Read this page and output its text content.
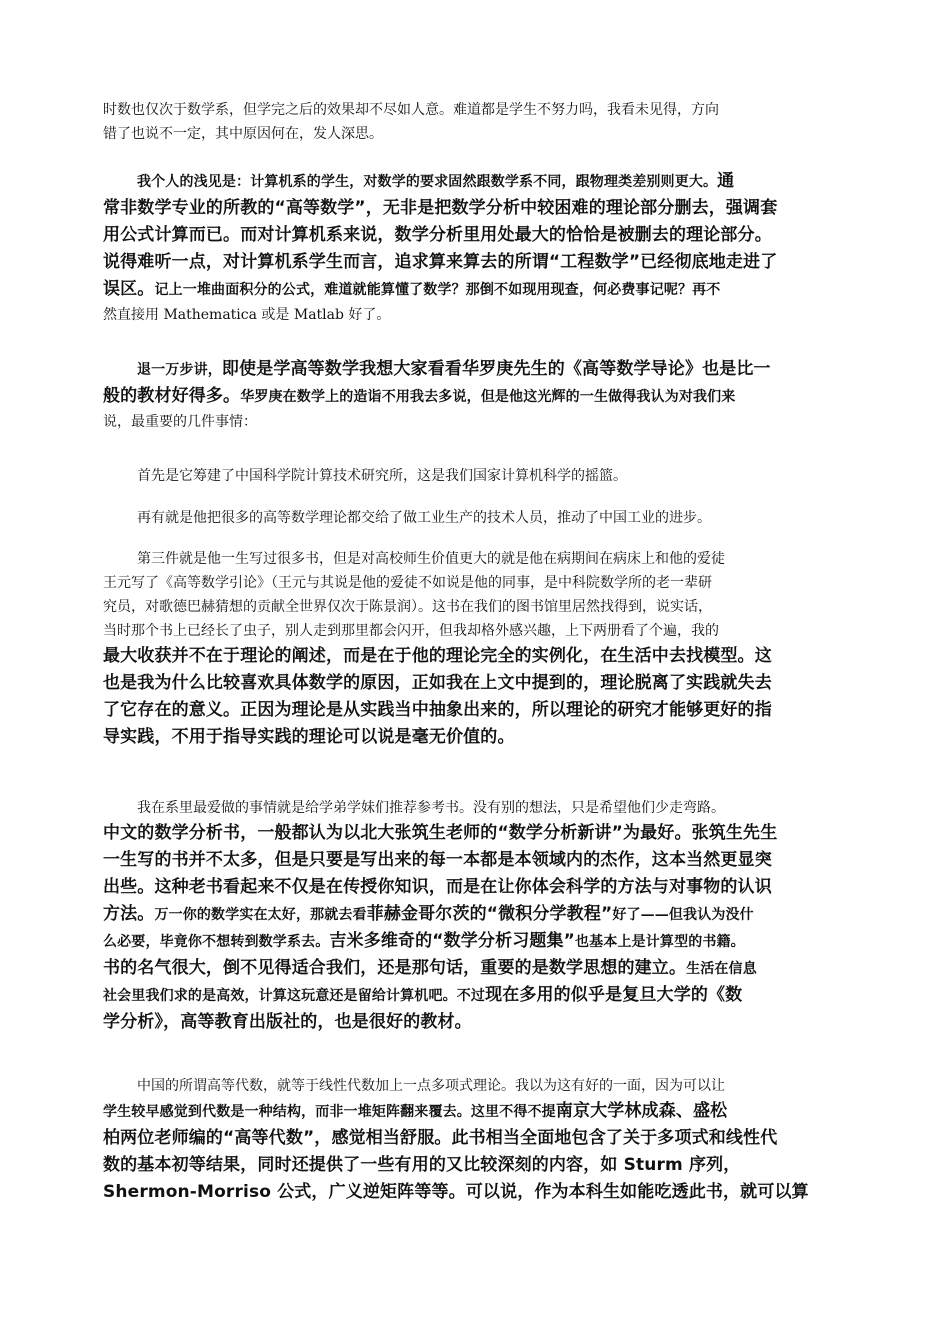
时数也仅次于数学系，但学完之后的效果却不尽如人意。难道都是学生不努力吗，我看未见得，方向
错了也说不一定，其中原因何在，发人深思。
我个人的浅见是：计算机系的学生，对数学的要求固然跟数学系不同，跟物理类差别则更大。通
常非数学专业的所教的“高等数学”，无非是把数学分析中较困难的理论部分删去，强调套
用公式计算而已。而对计算机系来说，数学分析里用处最大的恰恰是被删去的理论部分。
说得难听一点，对计算机系学生而言，追求算来算去的所谓“工程数学”已经彻底地走进了
误区。记上一堆曲面积分的公式，难道就能算懂了数学？那倒不如现用现查，何必费事记呢？再不
然直接用 Mathematica 或是 Matlab 好了。
退一万步讲，即使是学高等数学我想大家看看华罗庚先生的《高等数学导论》也是比一
般的教材好得多。华罗庚在数学上的造诣不用我去多说，但是他这光辉的一生做得我认为对我们来
说，最重要的几件事情：
首先是它筹建了中国科学院计算技术研究所，这是我们国家计算机科学的摇篮。
再有就是他把很多的高等数学理论都交给了做工业生产的技术人员，推动了中国工业的进步。
第三件就是他一生写过很多书，但是对高校师生价值更大的就是他在病期间在病床上和他的爱徒
王元写了《高等数学引论》（王元与其说是他的爱徒不如说是他的同事，是中科院数学所的老一辈研
究员，对歌德巴赫猜想的贡献全世界仅次于陈景润）。这书在我们的图书馆里居然找得到，说实话，
当时那个书上已经长了虫子，别人走到那里都会闪开，但我却格外感兴趣，上下两册看了个遍，我的
最大收获并不在于理论的阐述，而是在于他的理论完全的实例化，在生活中去找模型。这
也是我为什么比较喜欢具体数学的原因，正如我在上文中提到的，理论脱离了实践就失去
了它存在的意义。正因为理论是从实践当中抽象出来的，所以理论的研究才能够更好的指
导实践，不用于指导实践的理论可以说是毫无价值的。
我在系里最爱做的事情就是给学弟学妹们推荐参考书。没有别的想法，只是希望他们少走弯路。
中文的数学分析书，一般都认为以北大张筑生老师的“数学分析新讲”为最好。张筑生先生
一生写的书并不太多，但是只要是写出来的每一本都是本领域内的杰作，这本当然更显突
出些。这种老书看起来不仅是在传授你知识，而是在让你体会科学的方法与对事物的认识
方法。万一你的数学实在太好，那就去看菲赫金哥尔茨的“微积分学教程”好了——但我认为没什
么必要，毕竟你不想转到数学系去。吉米多维奇的“数学分析习题集”也基本上是计算型的书籍。
书的名气很大，倒不见得适合我们，还是那句话，重要的是数学思想的建立。生活在信息
社会里我们求的是高效，计算这玩意还是留给计算机吧。不过现在多用的似乎是复旦大学的《数
学分析》，高等教育出版社的，也是很好的教材。
中国的所谓高等代数，就等于线性代数加上一点多项式理论。我以为这有好的一面，因为可以让
学生较早感觉到代数是一种结构，而非一堆矩阵翻来覆去。这里不得不提南京大学林成森、盛松
柏两位老师编的“高等代数”，感觉相当舒服。此书相当全面地包含了关于多项式和线性代
数的基本初等结果，同时还提供了一些有用的又比较深刻的内容，如 Sturm 序列，
Shermon-Morriso 公式，广义逆矩阵等等。可以说，作为本科生如能吃透此书，就可以算
